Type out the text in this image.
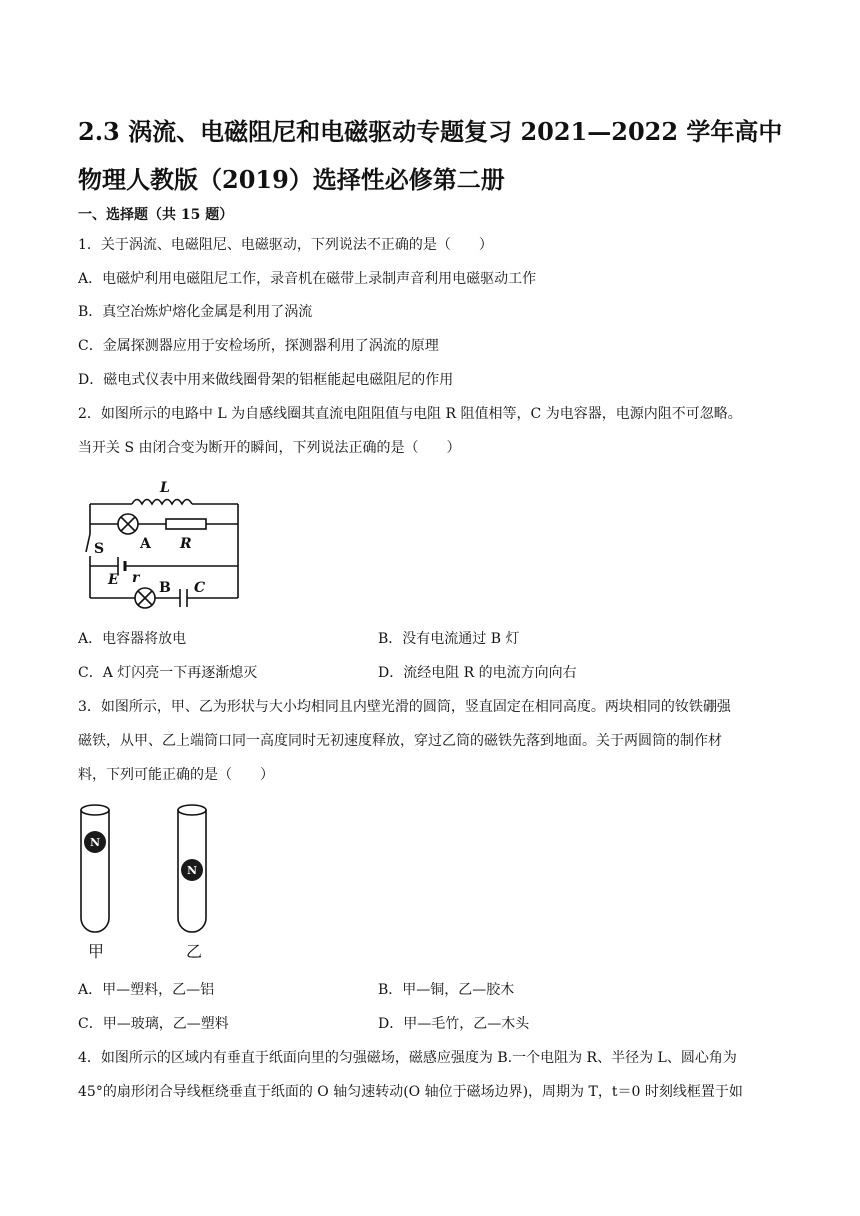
2.3 涡流、电磁阻尼和电磁驱动专题复习 2021—2022 学年高中物理人教版（2019）选择性必修第二册
一、选择题（共 15 题）
1．关于涡流、电磁阻尼、电磁驱动，下列说法不正确的是（　　）
A．电磁炉利用电磁阻尼工作，录音机在磁带上录制声音利用电磁驱动工作
B．真空冶炼炉熔化金属是利用了涡流
C．金属探测器应用于安检场所，探测器利用了涡流的原理
D．磁电式仪表中用来做线圈骨架的铝框能起电磁阻尼的作用
2．如图所示的电路中 L 为自感线圈其直流电阻阻值与电阻 R 阻值相等，C 为电容器，电源内阻不可忽略。
当开关 S 由闭合变为断开的瞬间，下列说法正确的是（　　）
L
A R
S
E r
B C
A．电容器将放电	B．没有电流通过 B 灯
C．A 灯闪亮一下再逐渐熄灭	D．流经电阻 R 的电流方向向右
3．如图所示，甲、乙为形状与大小均相同且内壁光滑的圆筒，竖直固定在相同高度。两块相同的钕铁硼强
磁铁，从甲、乙上端筒口同一高度同时无初速度释放，穿过乙筒的磁铁先落到地面。关于两圆筒的制作材
料，下列可能正确的是（　　）
N
N
甲	乙
A．甲—塑料，乙—铝	B．甲—铜，乙—胶木
C．甲—玻璃，乙—塑料	D．甲—毛竹，乙—木头
4．如图所示的区域内有垂直于纸面向里的匀强磁场，磁感应强度为 B.一个电阻为 R、半径为 L、圆心角为
45°的扇形闭合导线框绕垂直于纸面的 O 轴匀速转动(O 轴位于磁场边界)，周期为 T，t＝0 时刻线框置于如
